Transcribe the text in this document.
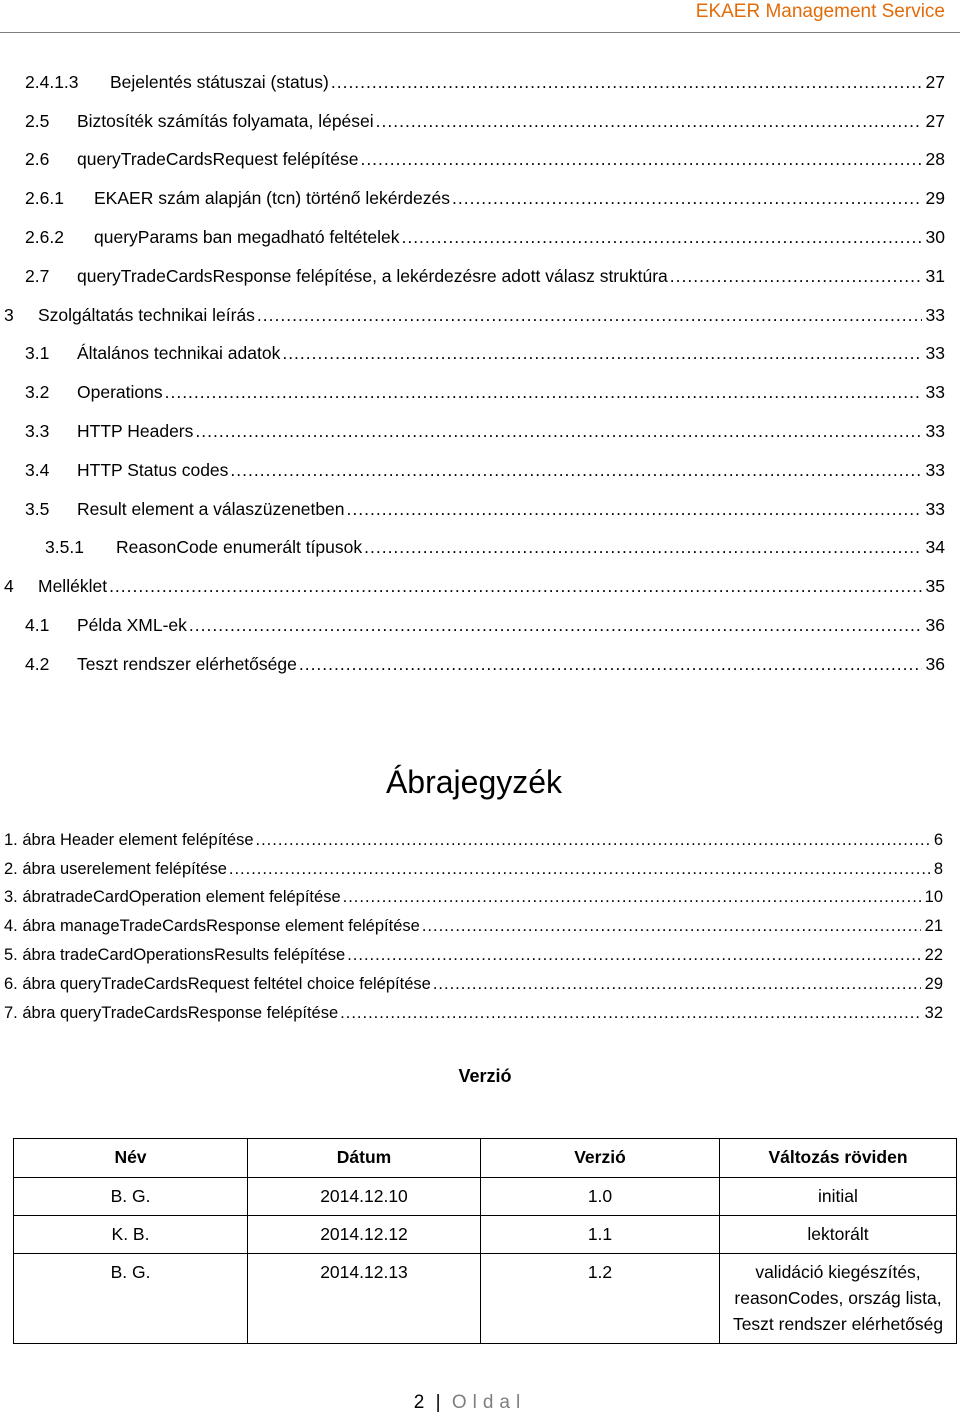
EKAER Management Service
2.4.1.3 Bejelentés státuszai (status) .....	27
2.5 Biztosíték számítás folyamata, lépései .....	27
2.6 queryTradeCardsRequest felépítése .....	28
2.6.1 EKAER szám alapján (tcn) történő lekérdezés .....	29
2.6.2 queryParams ban megadható feltételek .....	30
2.7 queryTradeCardsResponse felépítése, a lekérdezésre adott válasz struktúra .....	31
3 Szolgáltatás technikai leírás .....	33
3.1 Általános technikai adatok .....	33
3.2 Operations .....	33
3.3 HTTP Headers .....	33
3.4 HTTP Status codes .....	33
3.5 Result element a válaszüzenetben .....	33
3.5.1 ReasonCode enumerált típusok .....	34
4 Melléklet .....	35
4.1 Példa XML-ek .....	36
4.2 Teszt rendszer elérhetősége .....	36
Ábrajegyzék
1. ábra Header element felépítése .....	6
2. ábra userelement felépítése .....	8
3. ábratradeCardOperation element felépítése .....	10
4. ábra manageTradeCardsResponse element felépítése .....	21
5. ábra tradeCardOperationsResults felépítése .....	22
6. ábra queryTradeCardsRequest feltétel choice felépítése .....	29
7. ábra queryTradeCardsResponse felépítése .....	32
Verzió
Név	Dátum	Verzió	Változás röviden
B. G.	2014.12.10	1.0	initial
K. B.	2014.12.12	1.1	lektorált
B. G.	2014.12.13	1.2	validáció kiegészítés, reasonCodes, ország lista, Teszt rendszer elérhetőség
2 | Oldal
